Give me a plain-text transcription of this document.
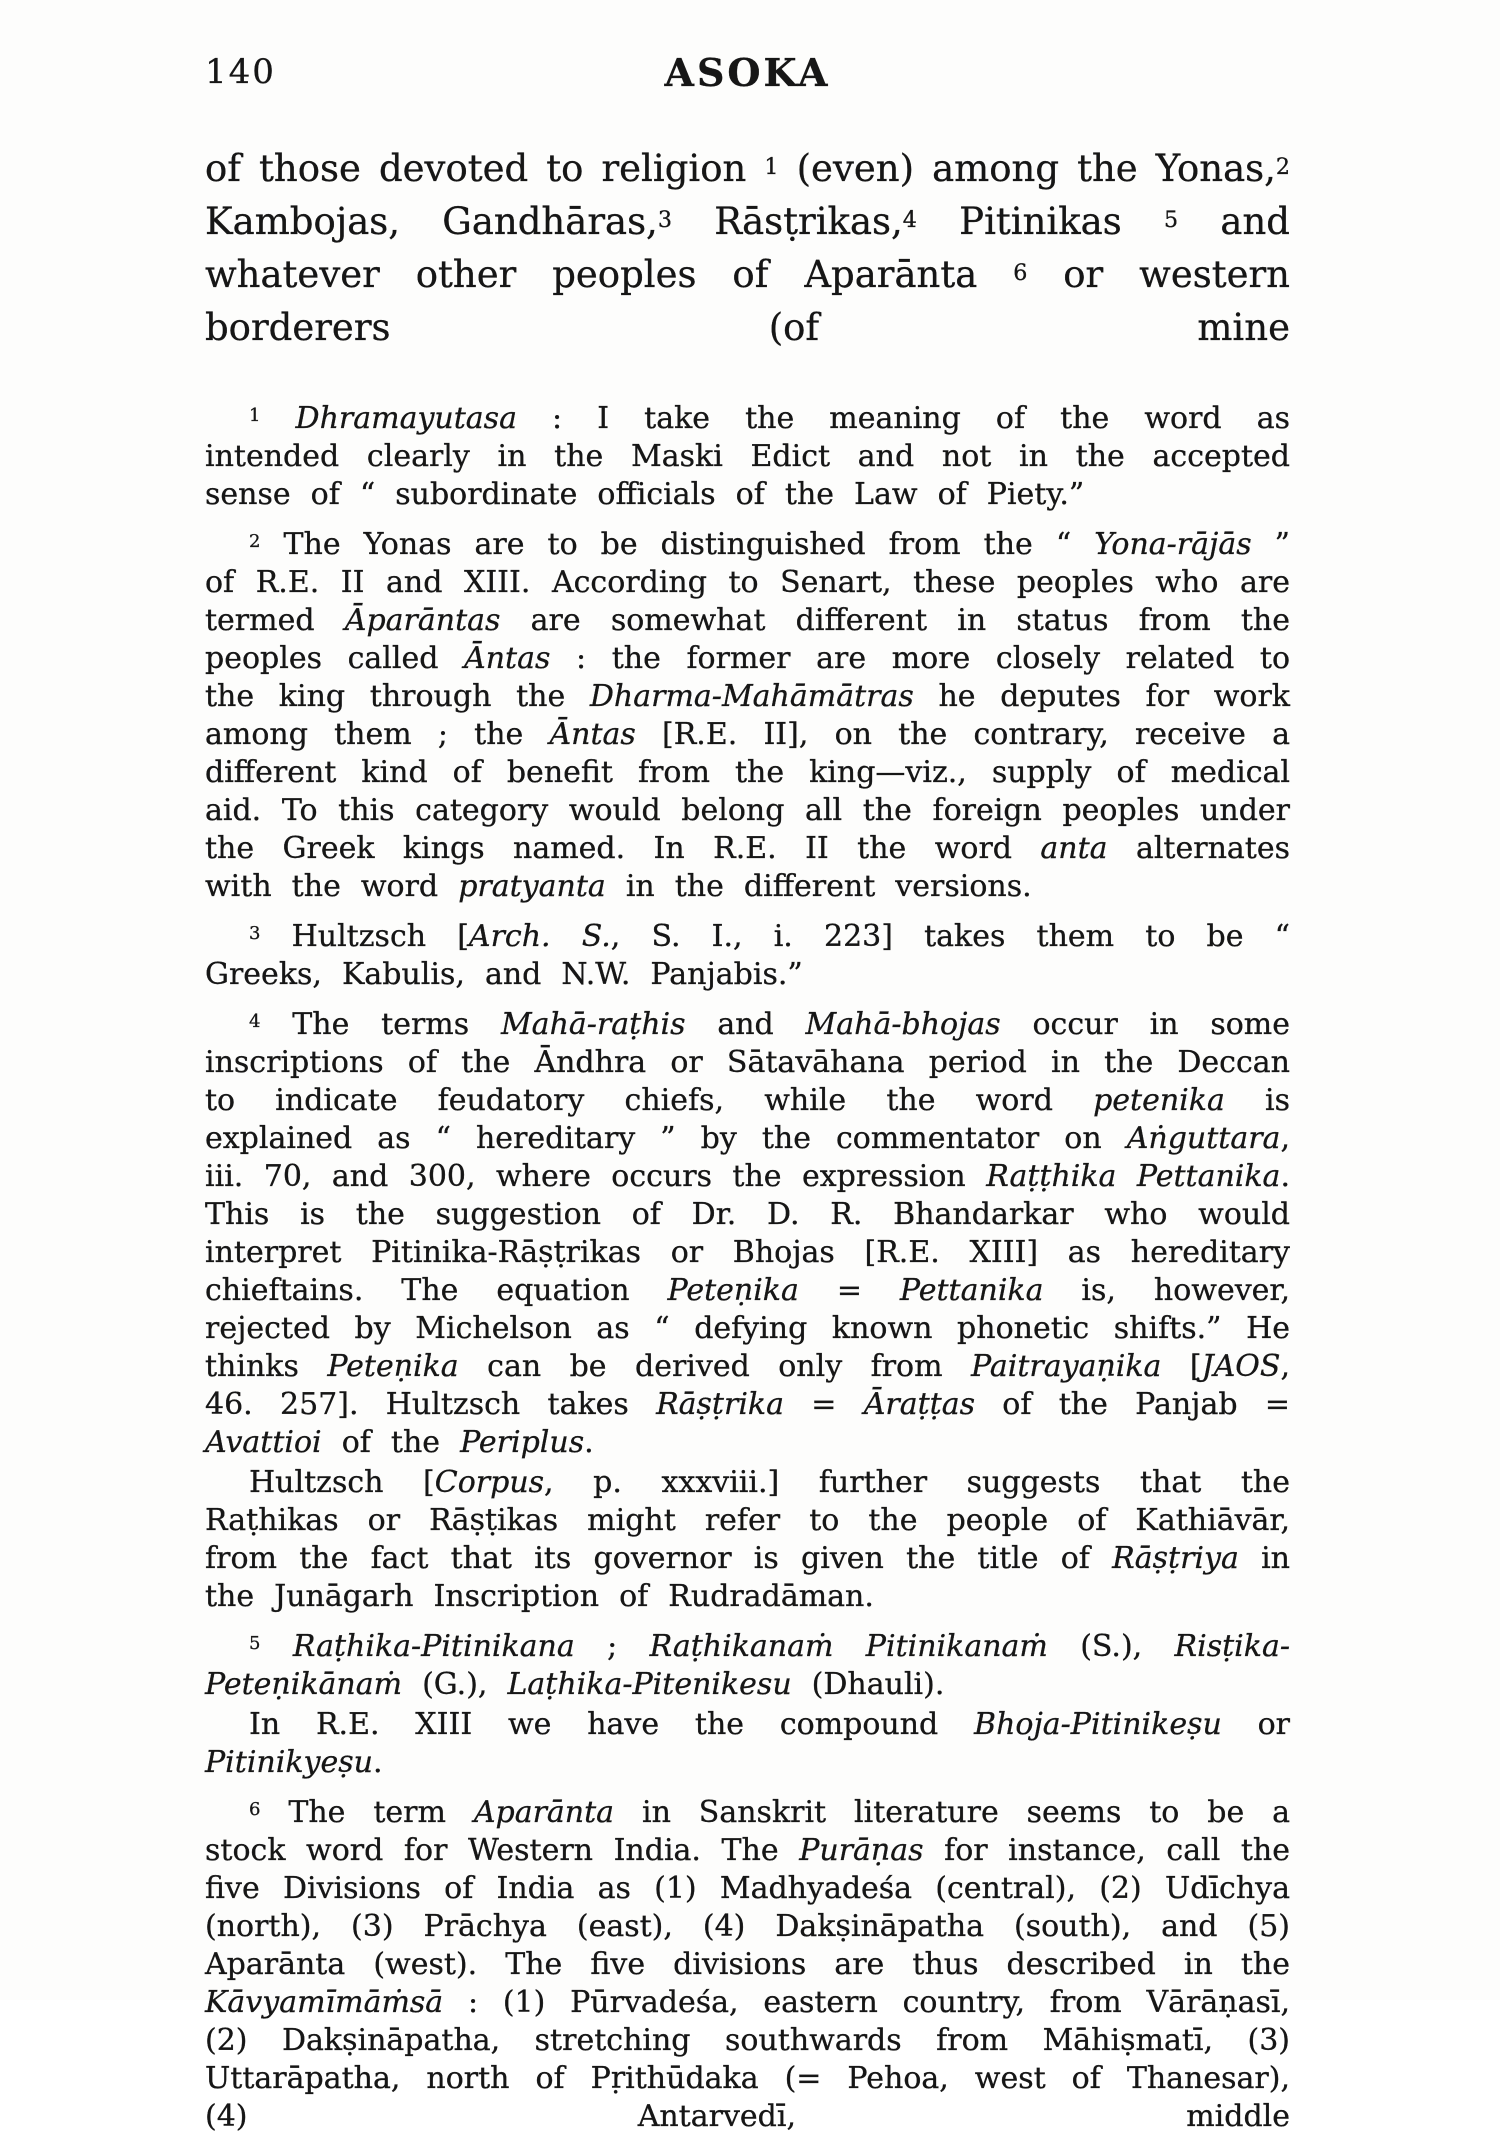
140	ASOKA

of those devoted to religion $^1$ (even) among the Yonas,$^2$ Kambojas, Gandhāras,$^3$ Rāsṭrikas,$^4$ Pitinikas $^5$ and whatever other peoples of Aparānta $^6$ or western borderers (of mine

$^1$ Dhramayutasa : I take the meaning of the word as intended clearly in the Maski Edict and not in the accepted sense of “ subordinate officials of the Law of Piety.”

$^2$ The Yonas are to be distinguished from the “ Yona-rājās ” of R.E. II and XIII. According to Senart, these peoples who are termed Āparāntas are somewhat different in status from the peoples called Āntas : the former are more closely related to the king through the Dharma-Mahāmātras he deputes for work among them ; the Āntas [R.E. II], on the contrary, receive a different kind of benefit from the king—viz., supply of medical aid. To this category would belong all the foreign peoples under the Greek kings named. In R.E. II the word anta alternates with the word pratyanta in the different versions.

$^3$ Hultzsch [Arch. S., S. I., i. 223] takes them to be “ Greeks, Kabulis, and N.W. Panjabis.”

$^4$ The terms Mahā-raṭhis and Mahā-bhojas occur in some inscriptions of the Āndhra or Sātavāhana period in the Deccan to indicate feudatory chiefs, while the word petenika is explained as “ hereditary ” by the commentator on Aṅguttara, iii. 70, and 300, where occurs the expression Raṭṭhika Pettanika. This is the suggestion of Dr. D. R. Bhandarkar who would interpret Pitinika-Rāṣṭrikas or Bhojas [R.E. XIII] as hereditary chieftains. The equation Peteṇika = Pettanika is, however, rejected by Michelson as “ defying known phonetic shifts.” He thinks Peteṇika can be derived only from Paitrayaṇika [JAOS, 46. 257]. Hultzsch takes Rāṣṭrika = Āraṭṭas of the Panjab = Avattioi of the Periplus.

Hultzsch [Corpus, p. xxxviii.] further suggests that the Raṭhikas or Rāṣṭikas might refer to the people of Kathiāvār, from the fact that its governor is given the title of Rāṣṭriya in the Junāgarh Inscription of Rudradāman.

$^5$ Raṭhika-Pitinikana ; Raṭhikanaṁ Pitinikanaṁ (S.), Risṭika-Peteṇikānaṁ (G.), Laṭhika-Pitenikesu (Dhauli).

In R.E. XIII we have the compound Bhoja-Pitinikeṣu or Pitinikyeṣu.

$^6$ The term Aparānta in Sanskrit literature seems to be a stock word for Western India. The Purāṇas for instance, call the five Divisions of India as (1) Madhyadeśa (central), (2) Udīchya (north), (3) Prāchya (east), (4) Dakṣināpatha (south), and (5) Aparānta (west). The five divisions are thus described in the Kāvyamīmāṁsā : (1) Pūrvadeśa, eastern country, from Vārāṇasī, (2) Dakṣināpatha, stretching southwards from Māhiṣmatī, (3) Uttarāpatha, north of Pṛithūdaka (= Pehoa, west of Thanesar), (4) Antarvedī, middle
